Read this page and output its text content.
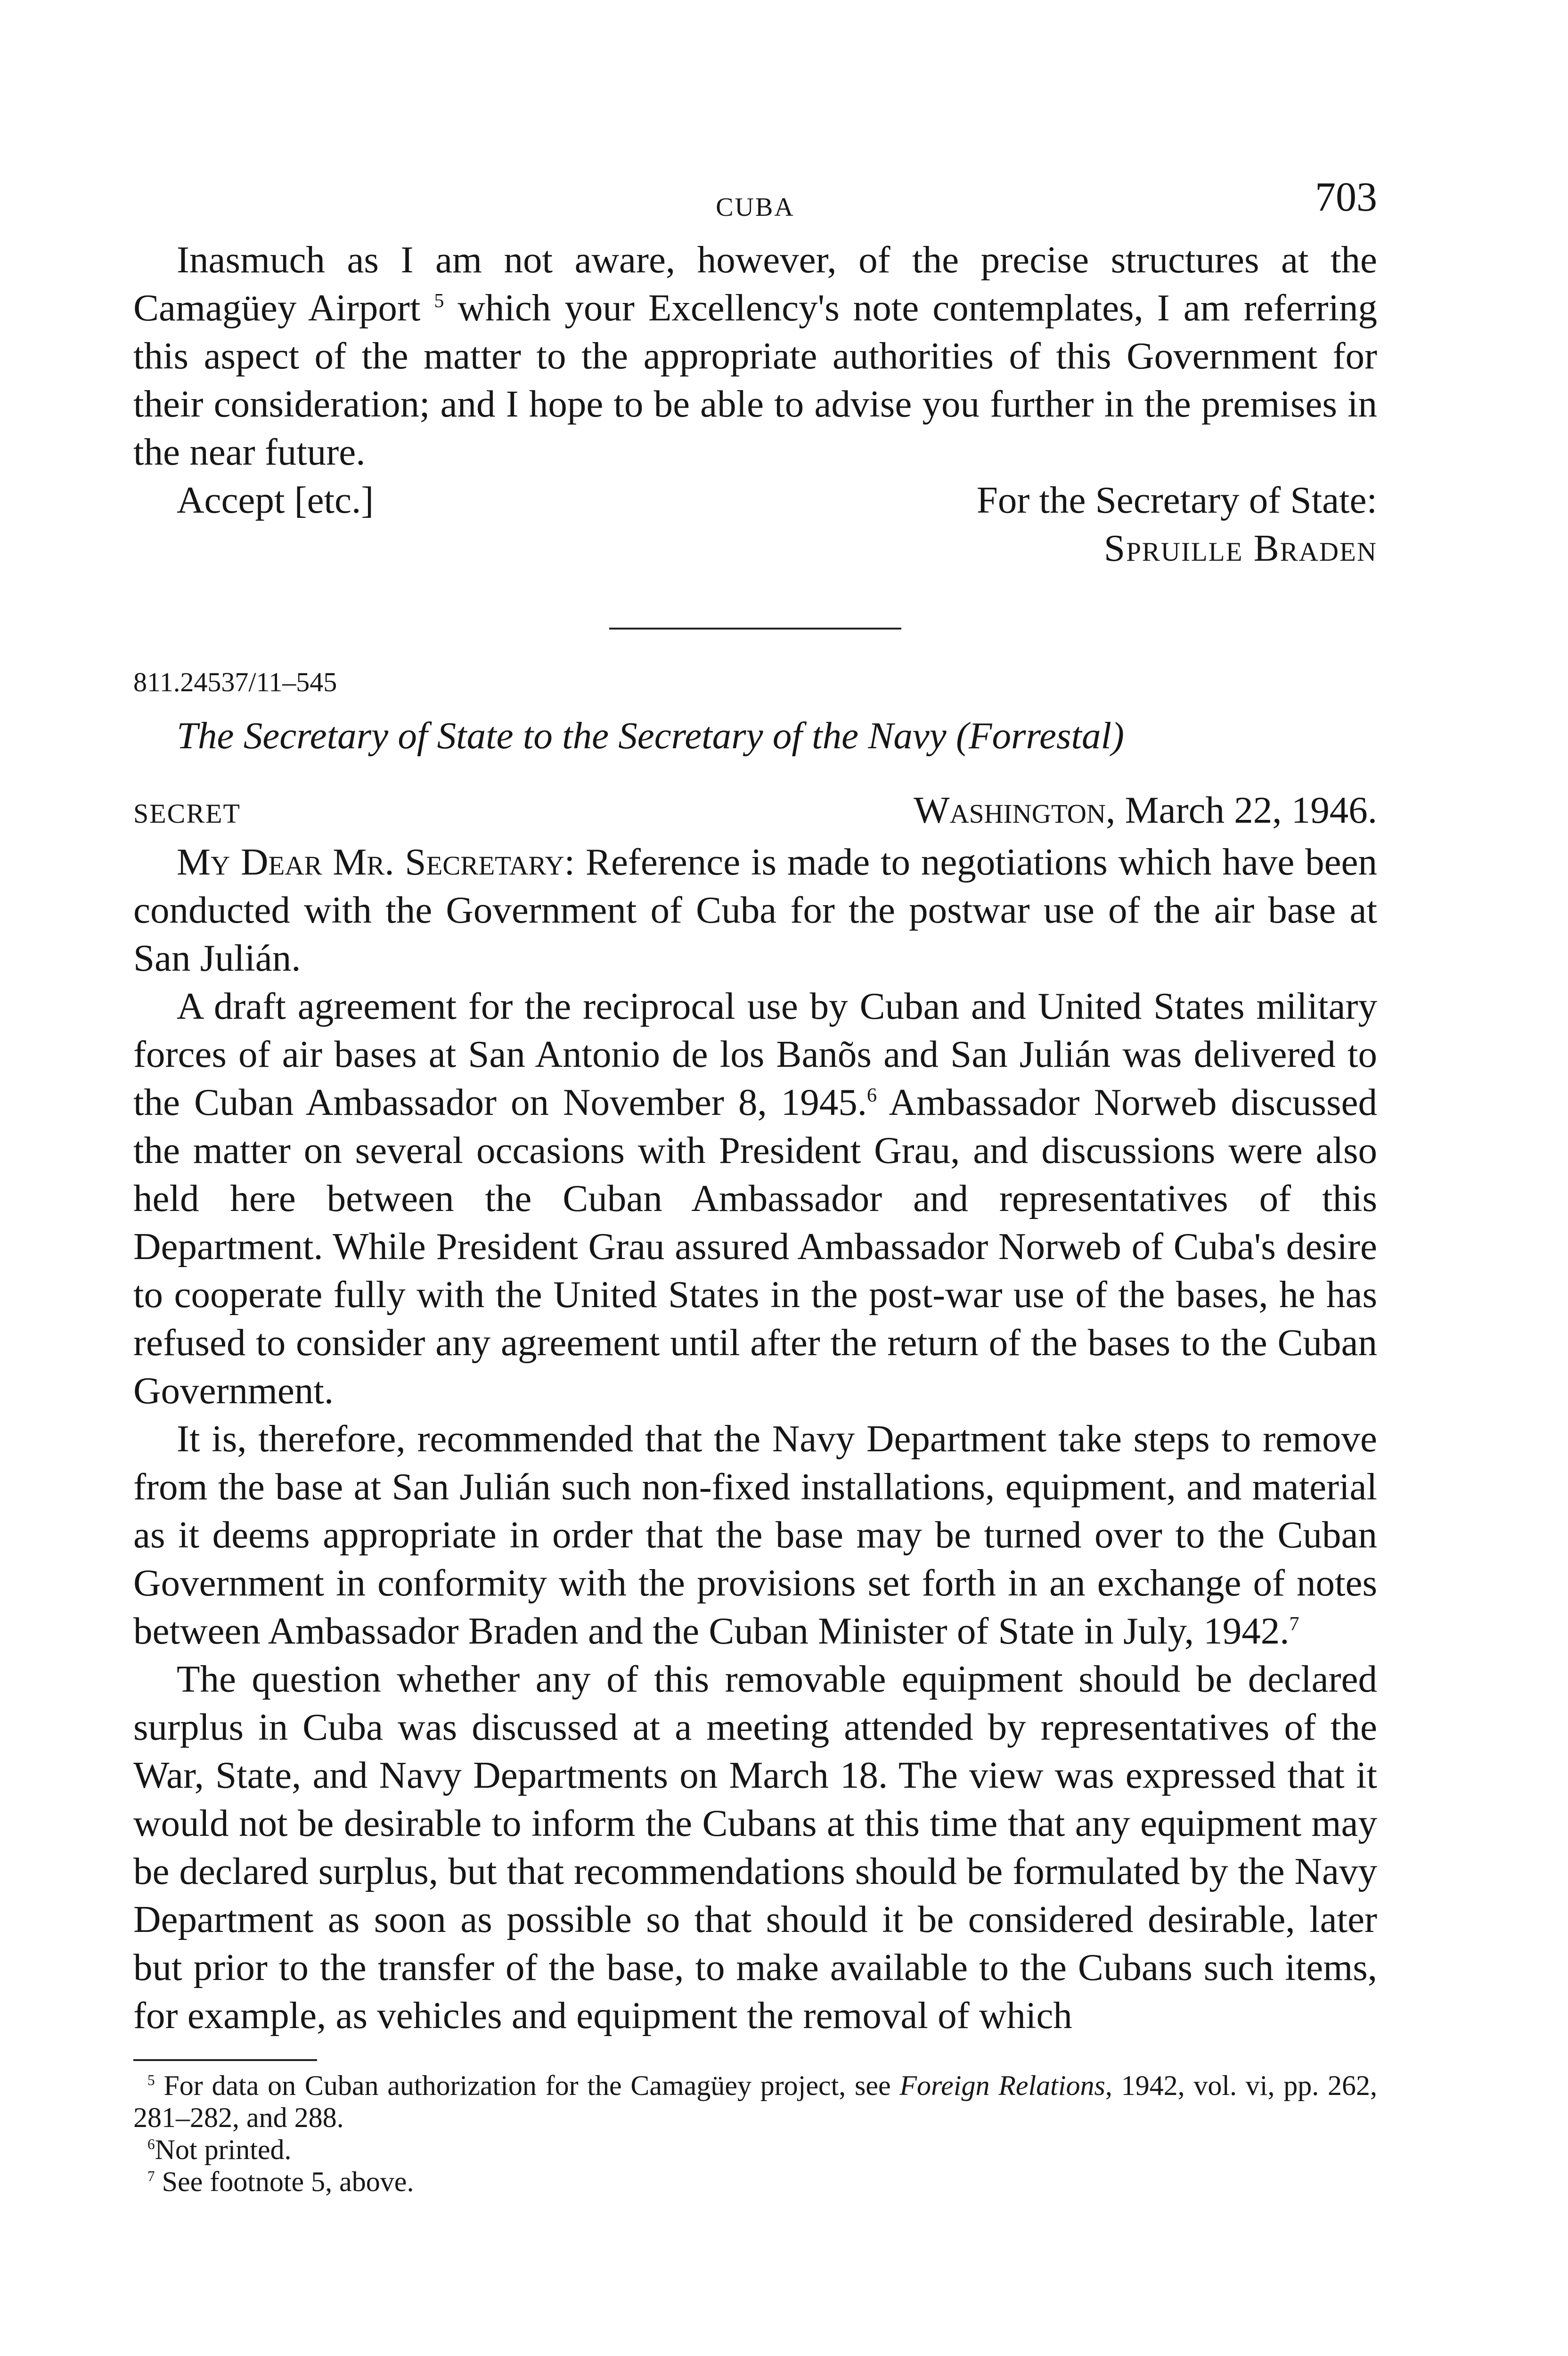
CUBA	703

Inasmuch as I am not aware, however, of the precise structures at the Camagüey Airport $^5$ which your Excellency's note contemplates, I am referring this aspect of the matter to the appropriate authorities of this Government for their consideration; and I hope to be able to advise you further in the premises in the near future.

Accept [etc.]	For the Secretary of State:
Spruille Braden
811.24537/11–545
The Secretary of State to the Secretary of the Navy (Forrestal)
SECRET	Washington, March 22, 1946.

My Dear Mr. Secretary: Reference is made to negotiations which have been conducted with the Government of Cuba for the postwar use of the air base at San Julián.

A draft agreement for the reciprocal use by Cuban and United States military forces of air bases at San Antonio de los Banõs and San Julián was delivered to the Cuban Ambassador on November 8, 1945.$^6$ Ambassador Norweb discussed the matter on several occasions with President Grau, and discussions were also held here between the Cuban Ambassador and representatives of this Department. While President Grau assured Ambassador Norweb of Cuba's desire to cooperate fully with the United States in the post-war use of the bases, he has refused to consider any agreement until after the return of the bases to the Cuban Government.

It is, therefore, recommended that the Navy Department take steps to remove from the base at San Julián such non-fixed installations, equipment, and material as it deems appropriate in order that the base may be turned over to the Cuban Government in conformity with the provisions set forth in an exchange of notes between Ambassador Braden and the Cuban Minister of State in July, 1942.$^7$

The question whether any of this removable equipment should be declared surplus in Cuba was discussed at a meeting attended by representatives of the War, State, and Navy Departments on March 18. The view was expressed that it would not be desirable to inform the Cubans at this time that any equipment may be declared surplus, but that recommendations should be formulated by the Navy Department as soon as possible so that should it be considered desirable, later but prior to the transfer of the base, to make available to the Cubans such items, for example, as vehicles and equipment the removal of which

$^5$ For data on Cuban authorization for the Camagüey project, see Foreign Relations, 1942, vol. vi, pp. 262, 281–282, and 288.

$^6$Not printed.

$^7$ See footnote 5, above.
